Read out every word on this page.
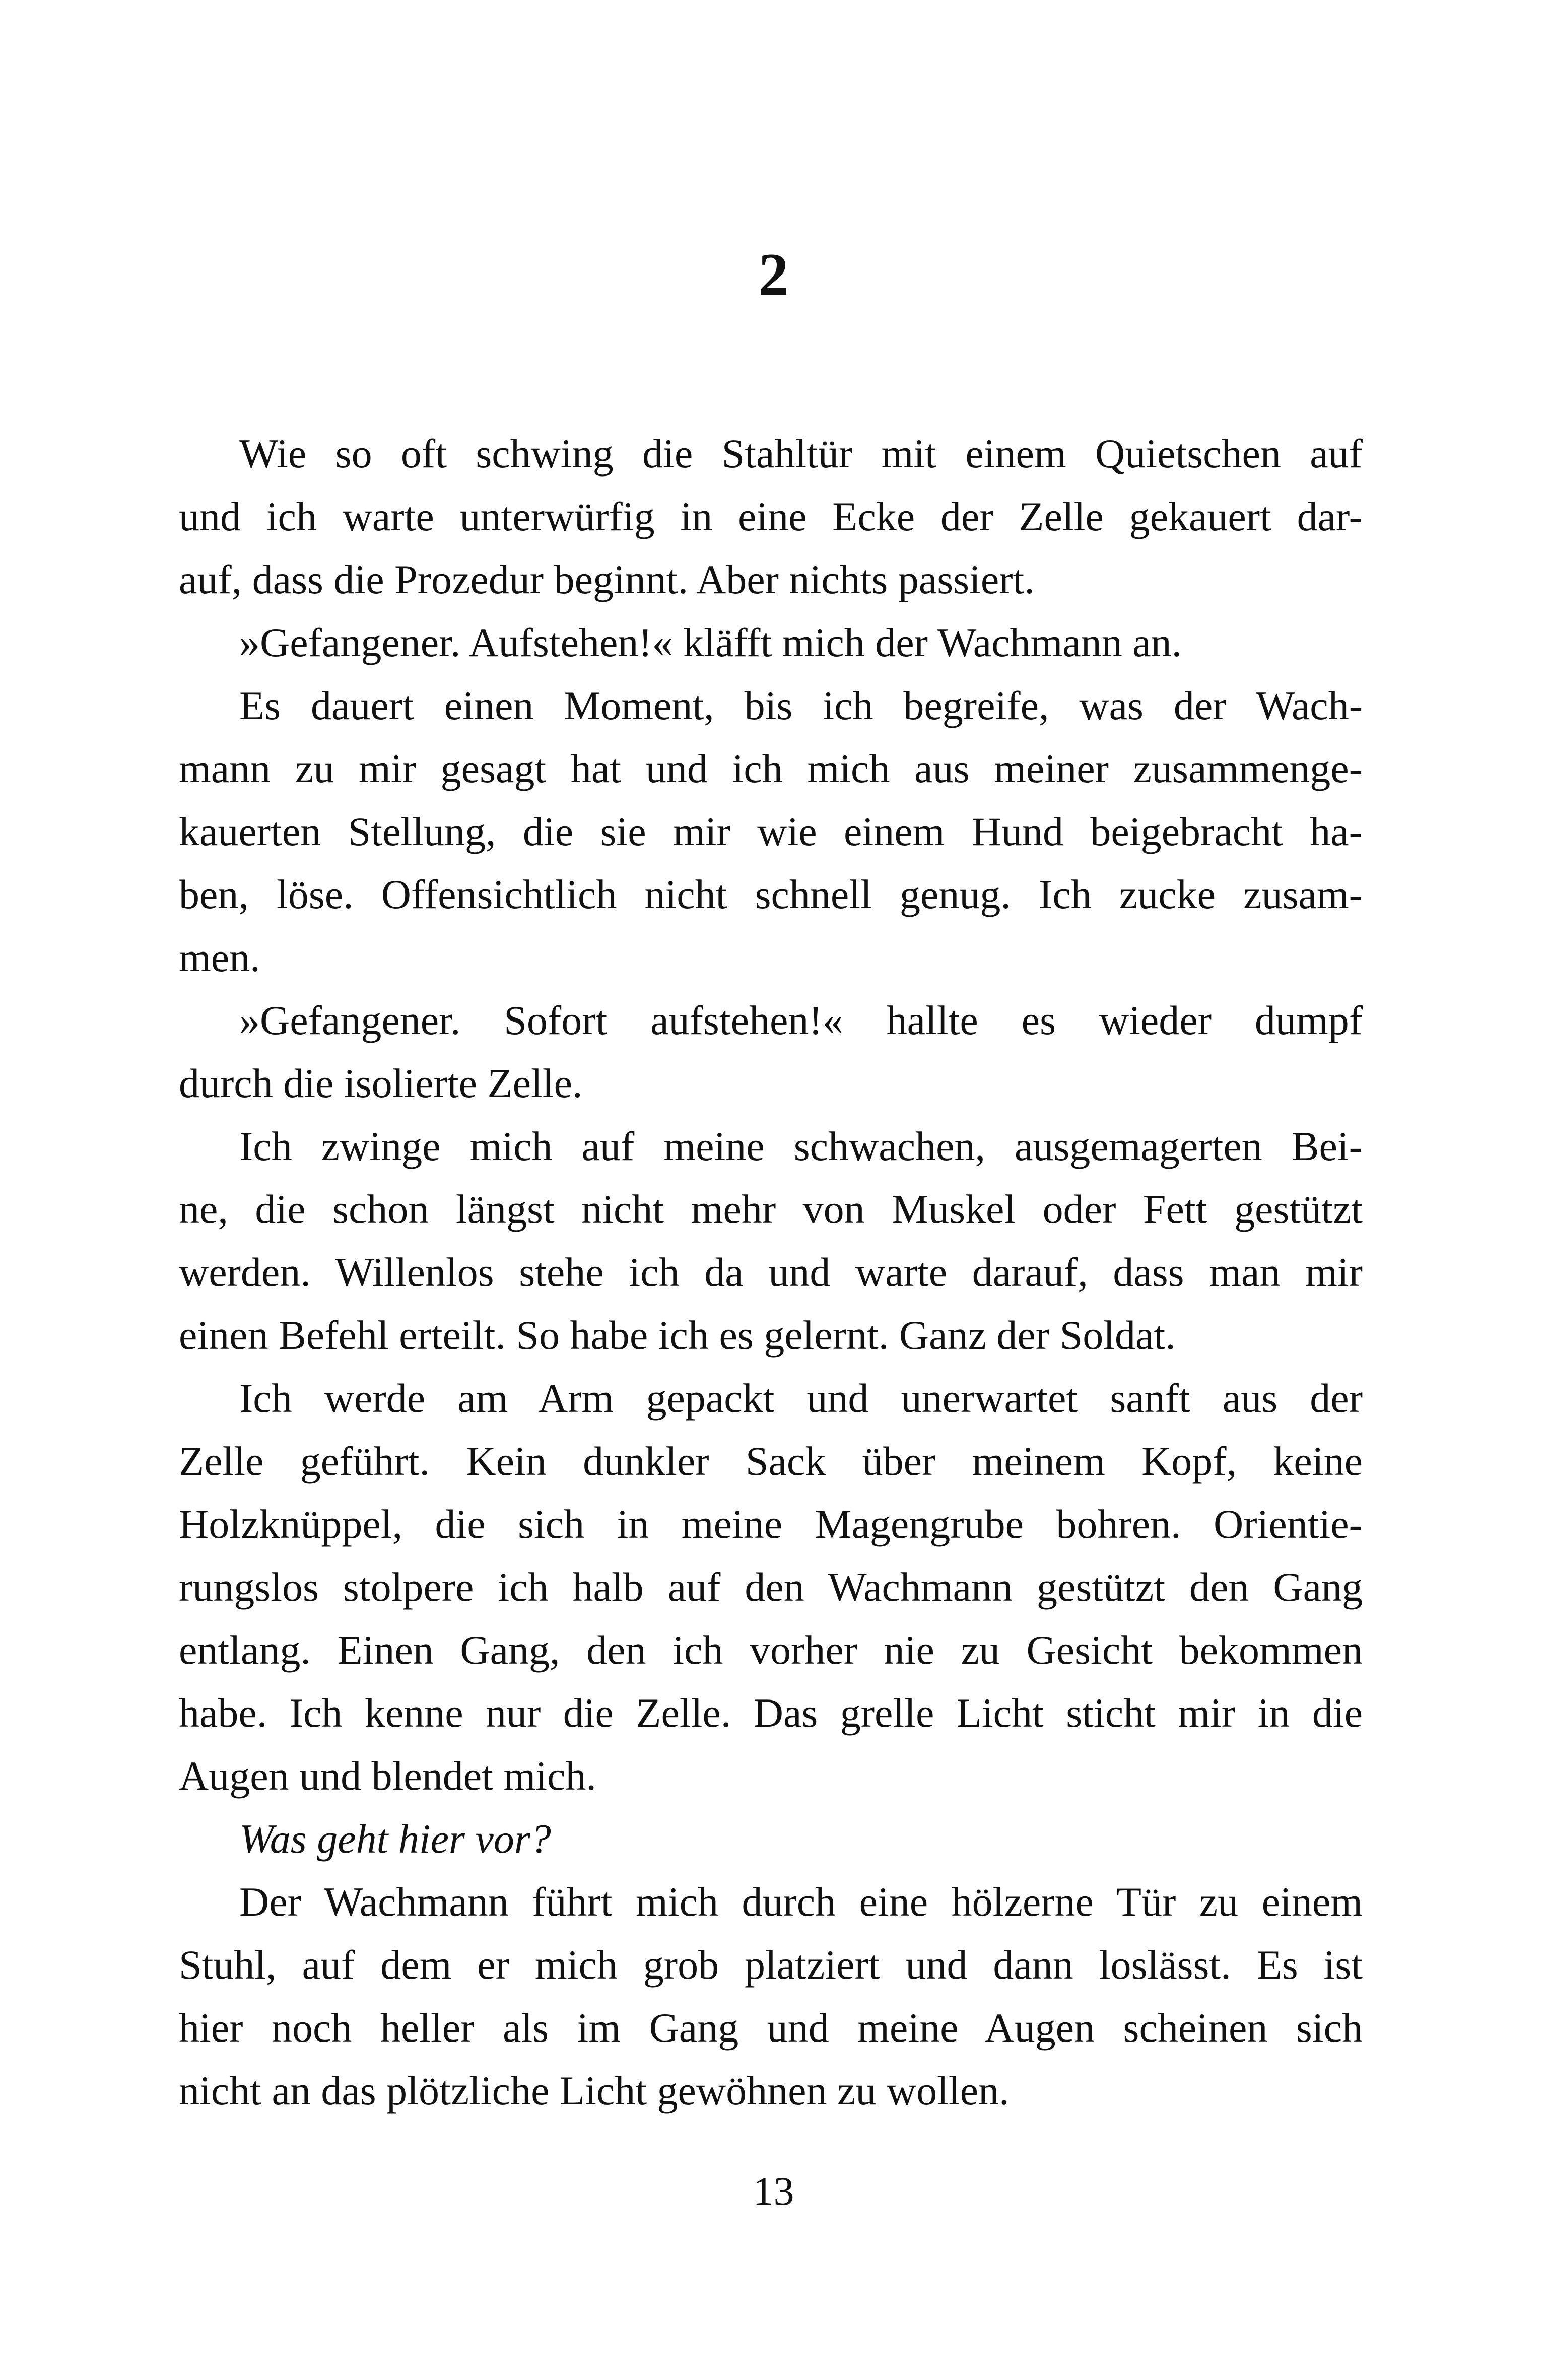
2
Wie so oft schwing die Stahltür mit einem Quietschen auf
und ich warte unterwürfig in eine Ecke der Zelle gekauert dar-
auf, dass die Prozedur beginnt. Aber nichts passiert.
»Gefangener. Aufstehen!« kläfft mich der Wachmann an.
Es dauert einen Moment, bis ich begreife, was der Wach-
mann zu mir gesagt hat und ich mich aus meiner zusammenge-
kauerten Stellung, die sie mir wie einem Hund beigebracht ha-
ben, löse. Offensichtlich nicht schnell genug. Ich zucke zusam-
men.
»Gefangener. Sofort aufstehen!« hallte es wieder dumpf
durch die isolierte Zelle.
Ich zwinge mich auf meine schwachen, ausgemagerten Bei-
ne, die schon längst nicht mehr von Muskel oder Fett gestützt
werden. Willenlos stehe ich da und warte darauf, dass man mir
einen Befehl erteilt. So habe ich es gelernt. Ganz der Soldat.
Ich werde am Arm gepackt und unerwartet sanft aus der
Zelle geführt. Kein dunkler Sack über meinem Kopf, keine
Holzknüppel, die sich in meine Magengrube bohren. Orientie-
rungslos stolpere ich halb auf den Wachmann gestützt den Gang
entlang. Einen Gang, den ich vorher nie zu Gesicht bekommen
habe. Ich kenne nur die Zelle. Das grelle Licht sticht mir in die
Augen und blendet mich.
Was geht hier vor?
Der Wachmann führt mich durch eine hölzerne Tür zu einem
Stuhl, auf dem er mich grob platziert und dann loslässt. Es ist
hier noch heller als im Gang und meine Augen scheinen sich
nicht an das plötzliche Licht gewöhnen zu wollen.

13
